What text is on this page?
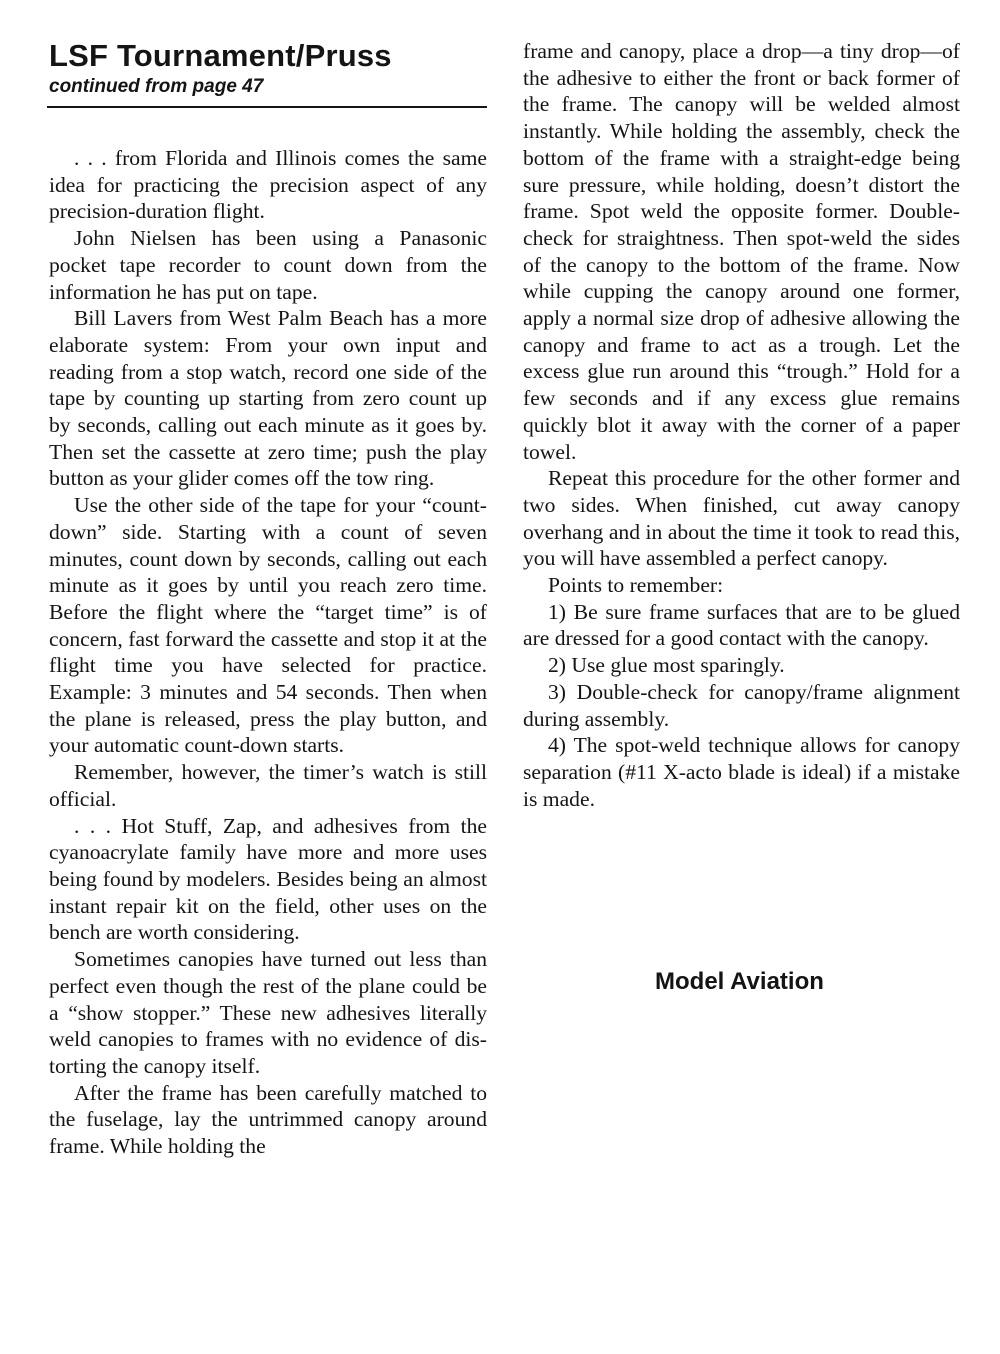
LSF Tournament/Pruss
continued from page 47

. . . from Florida and Illinois comes the same idea for practicing the precision aspect of any precision-duration flight.

John Nielsen has been using a Panasonic pocket tape recorder to count down from the information he has put on tape.

Bill Lavers from West Palm Beach has a more elaborate system: From your own input and reading from a stop watch, record one side of the tape by counting up starting from zero count up by seconds, calling out each minute as it goes by. Then set the cassette at zero time; push the play button as your glider comes off the tow ring.

Use the other side of the tape for your “count-down” side. Starting with a count of seven minutes, count down by seconds, calling out each minute as it goes by until you reach zero time. Before the flight where the “target time” is of concern, fast forward the cassette and stop it at the flight time you have selected for practice. Example: 3 minutes and 54 seconds. Then when the plane is released, press the play button, and your automatic count-down starts.

Remember, however, the timer’s watch is still official.

. . . Hot Stuff, Zap, and adhesives from the cyanoacrylate family have more and more uses being found by modelers. Besides being an almost instant repair kit on the field, other uses on the bench are worth considering.

Sometimes canopies have turned out less than perfect even though the rest of the plane could be a “show stopper.” These new adhesives literally weld canopies to frames with no evidence of distorting the canopy itself.

After the frame has been carefully matched to the fuselage, lay the untrimmed canopy around frame. While holding the

frame and canopy, place a drop—a tiny drop—of the adhesive to either the front or back former of the frame. The canopy will be welded almost instantly. While holding the assembly, check the bottom of the frame with a straight-edge being sure pressure, while holding, doesn’t distort the frame. Spot weld the opposite former. Double-check for straightness. Then spot-weld the sides of the canopy to the bottom of the frame. Now while cupping the canopy around one former, apply a normal size drop of adhesive allowing the canopy and frame to act as a trough. Let the excess glue run around this “trough.” Hold for a few seconds and if any excess glue remains quickly blot it away with the corner of a paper towel.

Repeat this procedure for the other former and two sides. When finished, cut away canopy overhang and in about the time it took to read this, you will have assembled a perfect canopy.

Points to remember:

1) Be sure frame surfaces that are to be glued are dressed for a good contact with the canopy.

2) Use glue most sparingly.

3) Double-check for canopy/frame alignment during assembly.

4) The spot-weld technique allows for canopy separation (#11 X-acto blade is ideal) if a mistake is made.

Model Aviation
